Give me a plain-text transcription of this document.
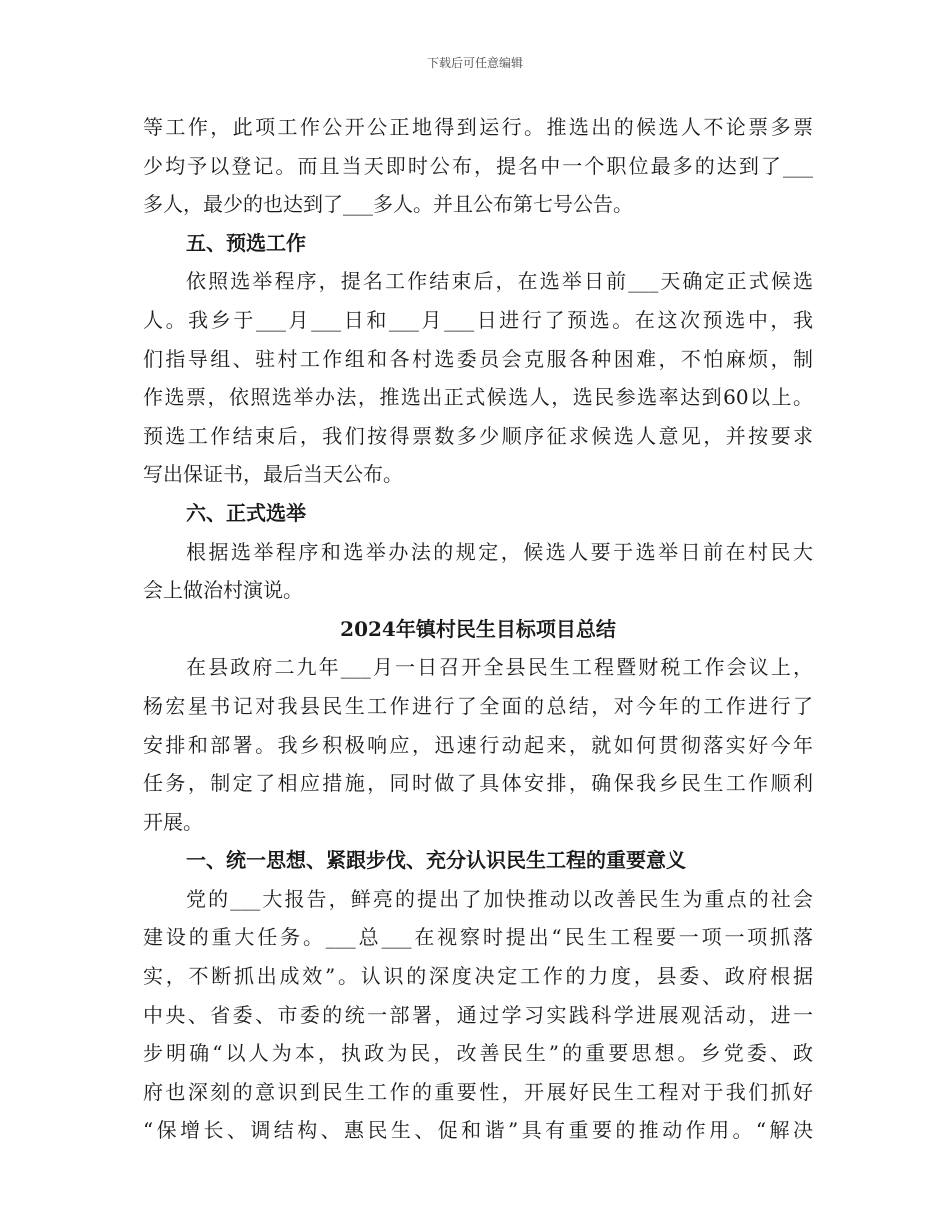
下载后可任意编辑
等工作，此项工作公开公正地得到运行。推选出的候选人不论票多票
少均予以登记。而且当天即时公布，提名中一个职位最多的达到了___
多人，最少的也达到了___多人。并且公布第七号公告。
五、预选工作
依照选举程序，提名工作结束后，在选举日前___天确定正式候选
人。我乡于___月___日和___月___日进行了预选。在这次预选中，我
们指导组、驻村工作组和各村选委员会克服各种困难，不怕麻烦，制
作选票，依照选举办法，推选出正式候选人，选民参选率达到60以上。
预选工作结束后，我们按得票数多少顺序征求候选人意见，并按要求
写出保证书，最后当天公布。
六、正式选举
根据选举程序和选举办法的规定，候选人要于选举日前在村民大
会上做治村演说。
2024年镇村民生目标项目总结
在县政府二九年___月一日召开全县民生工程暨财税工作会议上，
杨宏星书记对我县民生工作进行了全面的总结，对今年的工作进行了
安排和部署。我乡积极响应，迅速行动起来，就如何贯彻落实好今年
任务，制定了相应措施，同时做了具体安排，确保我乡民生工作顺利
开展。
一、统一思想、紧跟步伐、充分认识民生工程的重要意义
党的___大报告，鲜亮的提出了加快推动以改善民生为重点的社会
建设的重大任务。___总___在视察时提出“民生工程要一项一项抓落
实，不断抓出成效”。认识的深度决定工作的力度，县委、政府根据
中央、省委、市委的统一部署，通过学习实践科学进展观活动，进一
步明确“以人为本，执政为民，改善民生”的重要思想。乡党委、政
府也深刻的意识到民生工作的重要性，开展好民生工程对于我们抓好
“保增长、调结构、惠民生、促和谐”具有重要的推动作用。“解决
